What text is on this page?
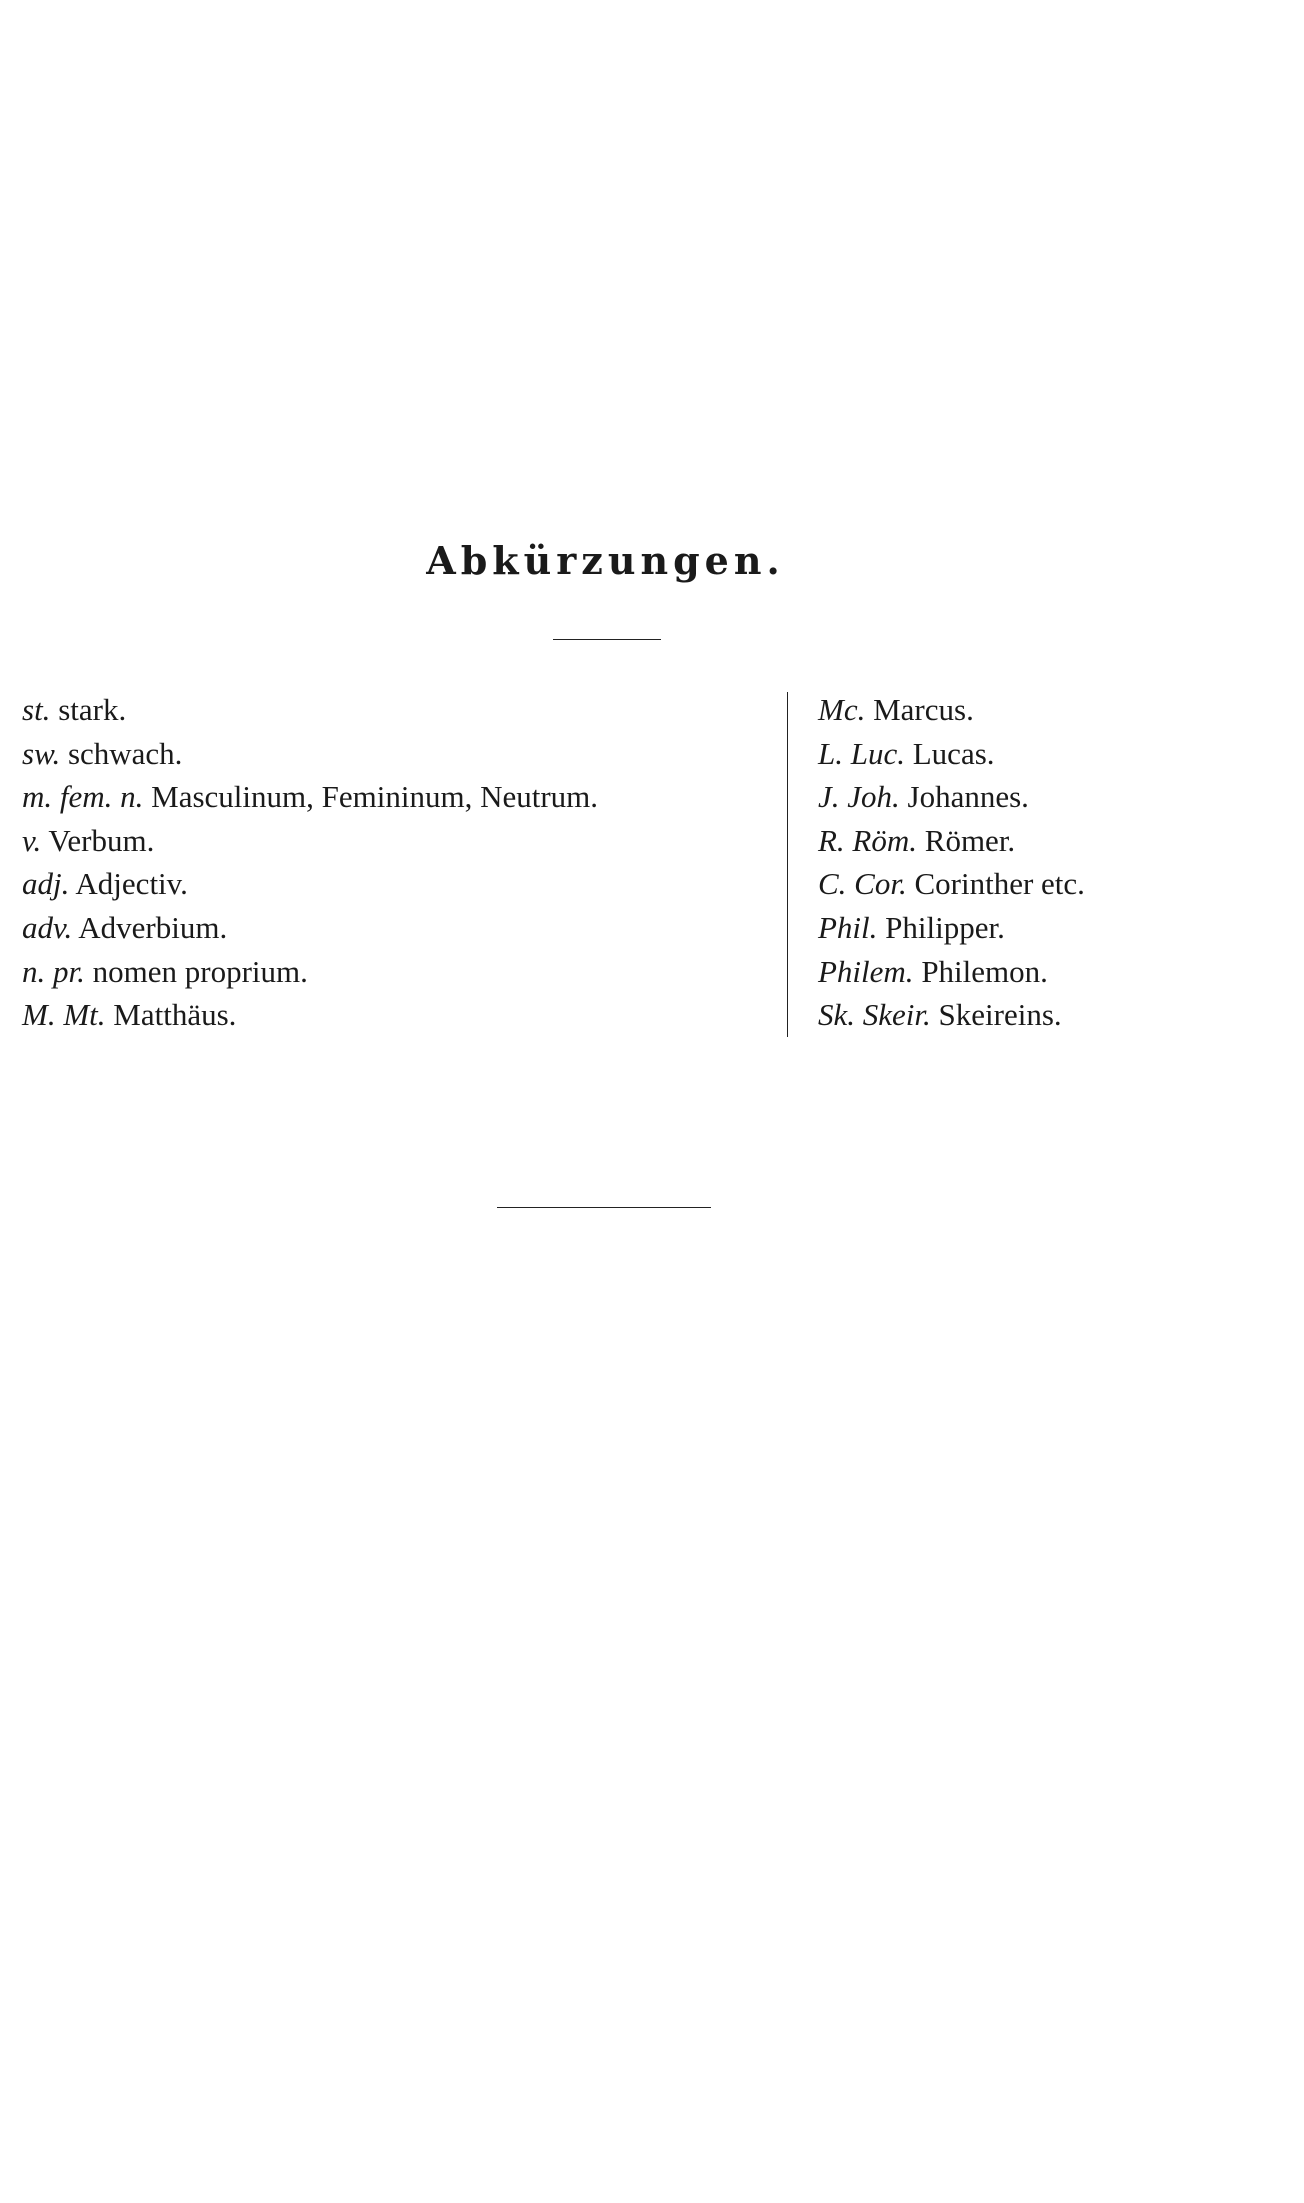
Abkürzungen.
st. stark.
sw. schwach.
m. fem. n. Masculinum, Femininum, Neutrum.
v. Verbum.
adj. Adjectiv.
adv. Adverbium.
n. pr. nomen proprium.
M. Mt. Matthäus.
Mc. Marcus.
L. Luc. Lucas.
J. Joh. Johannes.
R. Röm. Römer.
C. Cor. Corinther etc.
Phil. Philipper.
Philem. Philemon.
Sk. Skeir. Skeireins.
